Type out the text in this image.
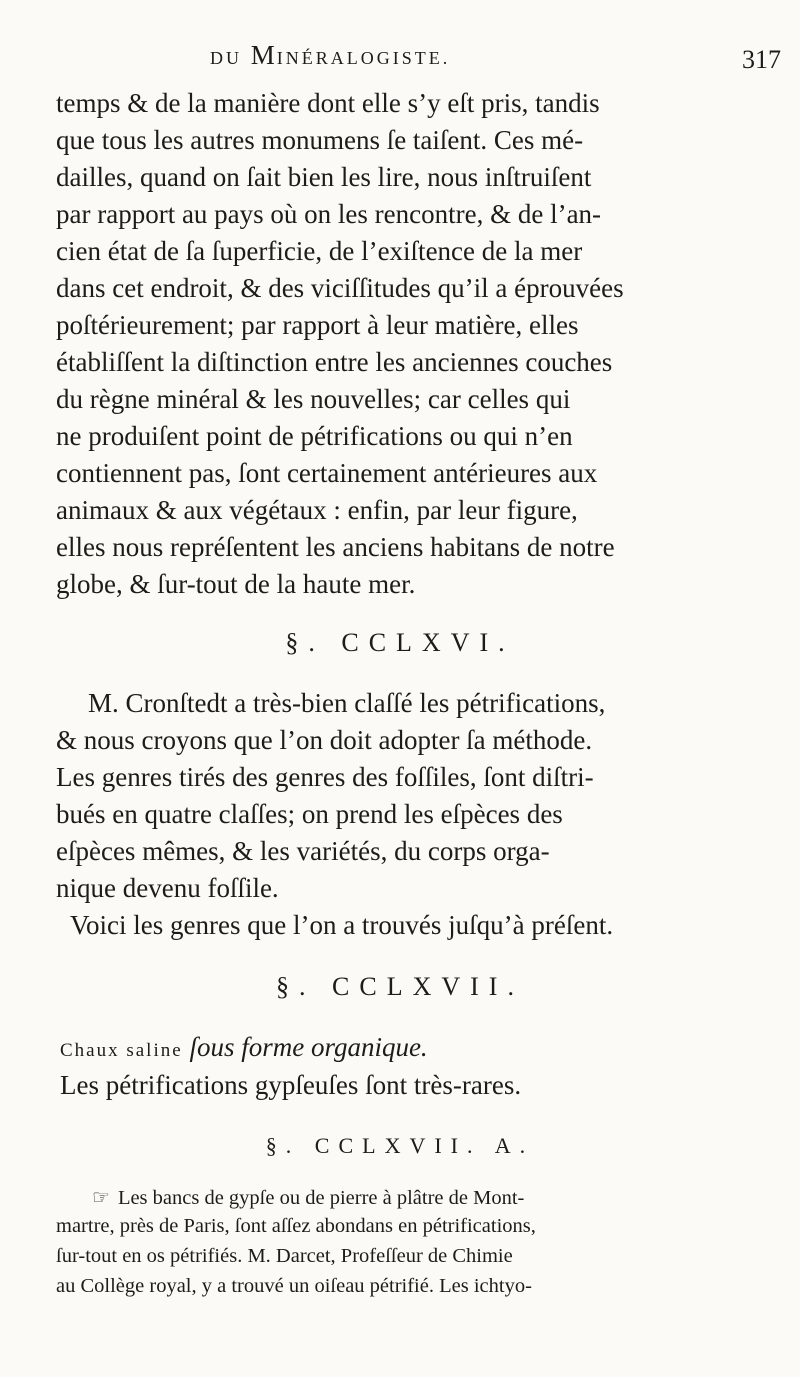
DU MINÉRALOGISTE.	317
temps & de la manière dont elle s’y eſt pris, tandis
que tous les autres monumens ſe taiſent. Ces mé-
dailles, quand on ſait bien les lire, nous inſtruiſent
par rapport au pays où on les rencontre, & de l’an-
cien état de ſa ſuperficie, de l’exiſtence de la mer
dans cet endroit, & des viciſſitudes qu’il a éprouvées
poſtérieurement; par rapport à leur matière, elles
établiſſent la diſtinction entre les anciennes couches
du règne minéral & les nouvelles; car celles qui
ne produiſent point de pétrifications ou qui n’en
contiennent pas, ſont certainement antérieures aux
animaux & aux végétaux : enfin, par leur figure,
elles nous repréſentent les anciens habitans de notre
globe, & ſur-tout de la haute mer.
§. CCLXVI.
M. Cronſtedt a très-bien claſſé les pétrifications,
& nous croyons que l’on doit adopter ſa méthode.
Les genres tirés des genres des foſſiles, ſont diſtri-
bués en quatre claſſes; on prend les eſpèces des
eſpèces mêmes, & les variétés, du corps orga-
nique devenu foſſile.
Voici les genres que l’on a trouvés juſqu’à préſent.
§. CCLXVII.
Chaux saline ſous forme organique.
Les pétrifications gypſeuſes ſont très-rares.
§. CCLXVII. A.
☞ Les bancs de gypſe ou de pierre à plâtre de Mont-
martre, près de Paris, ſont aſſez abondans en pétrifications,
ſur-tout en os pétrifiés. M. Darcet, Profeſſeur de Chimie
au Collège royal, y a trouvé un oiſeau pétrifié. Les ichtyo-
